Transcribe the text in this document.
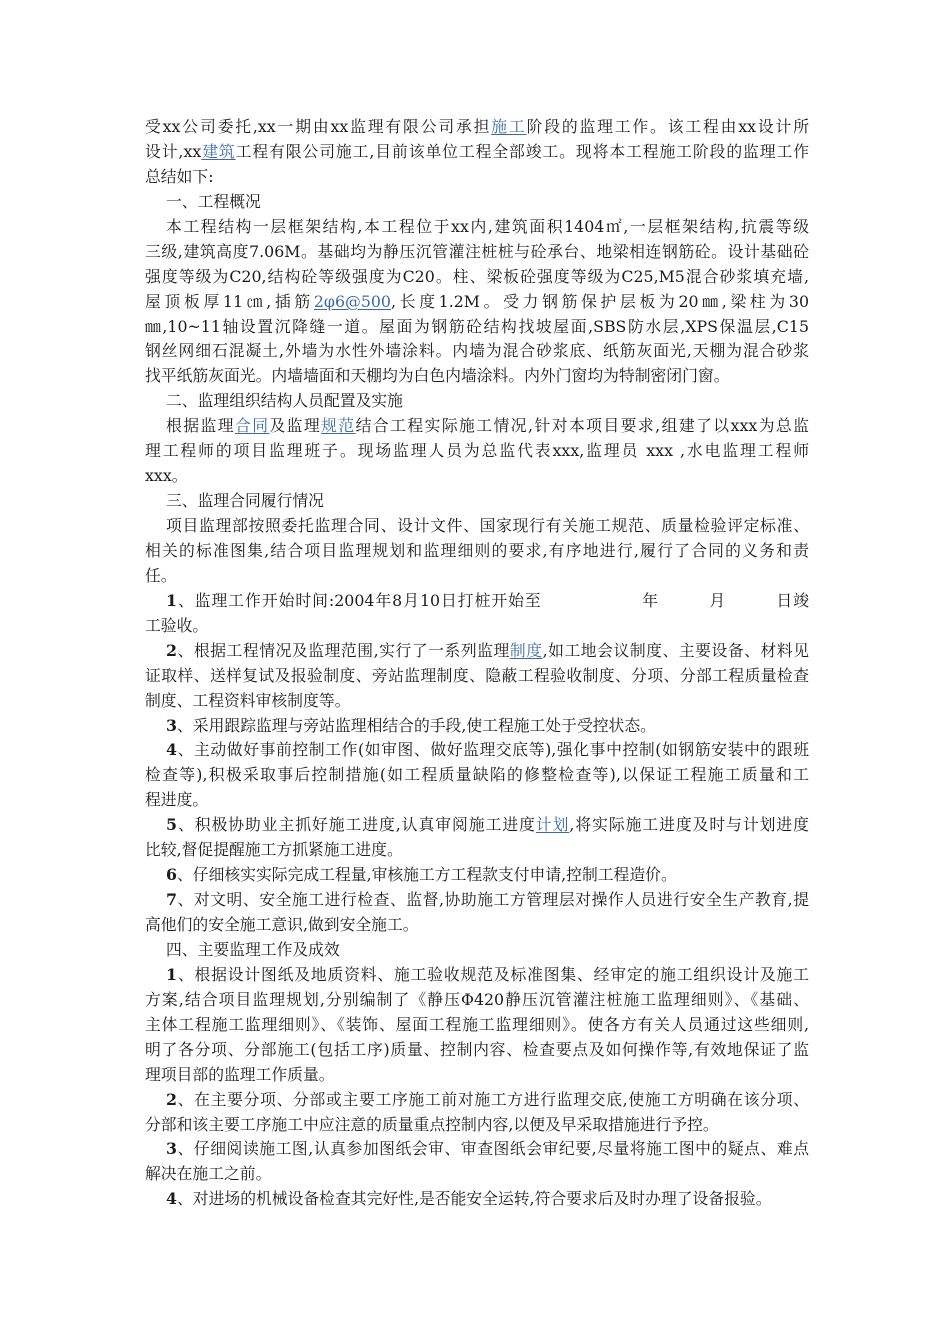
受xx公司委托,xx一期由xx监理有限公司承担施工阶段的监理工作。该工程由xx设计所
设计,xx建筑工程有限公司施工,目前该单位工程全部竣工。现将本工程施工阶段的监理工作
总结如下:
一、工程概况
本工程结构一层框架结构,本工程位于xx内,建筑面积1404㎡,一层框架结构,抗震等级
三级,建筑高度7.06M。基础均为静压沉管灌注桩桩与砼承台、地梁相连钢筋砼。设计基础砼
强度等级为C20,结构砼等级强度为C20。柱、梁板砼强度等级为C25,M5混合砂浆填充墙,
屋顶板厚11㎝,插筋2φ6@500,长度1.2M。受力钢筋保护层板为20㎜,梁柱为30
㎜,10~11轴设置沉降缝一道。屋面为钢筋砼结构找坡屋面,SBS防水层,XPS保温层,C15
钢丝网细石混凝土,外墙为水性外墙涂料。内墙为混合砂浆底、纸筋灰面光,天棚为混合砂浆
找平纸筋灰面光。内墙墙面和天棚均为白色内墙涂料。内外门窗均为特制密闭门窗。
二、监理组织结构人员配置及实施
根据监理合同及监理规范结合工程实际施工情况,针对本项目要求,组建了以xxx为总监
理工程师的项目监理班子。现场监理人员为总监代表xxx,监理员 xxx ,水电监理工程师
xxx。
三、监理合同履行情况
项目监理部按照委托监理合同、设计文件、国家现行有关施工规范、质量检验评定标准、
相关的标准图集,结合项目监理规划和监理细则的要求,有序地进行,履行了合同的义务和责
任。
1、监理工作开始时间:2004年8月10日打桩开始至　　　　　　年　　　月　　　日竣
工验收。
2、根据工程情况及监理范围,实行了一系列监理制度,如工地会议制度、主要设备、材料见
证取样、送样复试及报验制度、旁站监理制度、隐蔽工程验收制度、分项、分部工程质量检查
制度、工程资料审核制度等。
3、采用跟踪监理与旁站监理相结合的手段,使工程施工处于受控状态。
4、主动做好事前控制工作(如审图、做好监理交底等),强化事中控制(如钢筋安装中的跟班
检查等),积极采取事后控制措施(如工程质量缺陷的修整检查等),以保证工程施工质量和工
程进度。
5、积极协助业主抓好施工进度,认真审阅施工进度计划,将实际施工进度及时与计划进度
比较,督促提醒施工方抓紧施工进度。
6、仔细核实实际完成工程量,审核施工方工程款支付申请,控制工程造价。
7、对文明、安全施工进行检查、监督,协助施工方管理层对操作人员进行安全生产教育,提
高他们的安全施工意识,做到安全施工。
四、主要监理工作及成效
1、根据设计图纸及地质资料、施工验收规范及标准图集、经审定的施工组织设计及施工
方案,结合项目监理规划,分别编制了《静压Φ420静压沉管灌注桩施工监理细则》、《基础、
主体工程施工监理细则》、《装饰、屋面工程施工监理细则》。使各方有关人员通过这些细则,
明了各分项、分部施工(包括工序)质量、控制内容、检查要点及如何操作等,有效地保证了监
理项目部的监理工作质量。
2、在主要分项、分部或主要工序施工前对施工方进行监理交底,使施工方明确在该分项、
分部和该主要工序施工中应注意的质量重点控制内容,以便及早采取措施进行予控。
3、仔细阅读施工图,认真参加图纸会审、审查图纸会审纪要,尽量将施工图中的疑点、难点
解决在施工之前。
4、对进场的机械设备检查其完好性,是否能安全运转,符合要求后及时办理了设备报验。
